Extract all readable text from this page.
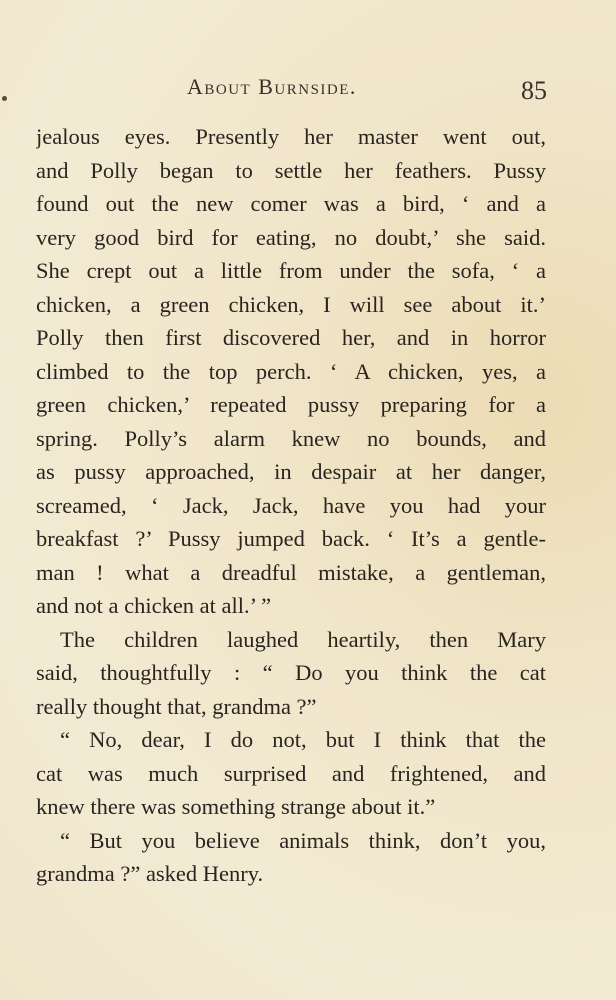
About Burnside.	85
jealous eyes. Presently her master went out,
and Polly began to settle her feathers. Pussy
found out the new comer was a bird, ‘ and a
very good bird for eating, no doubt,’ she said.
She crept out a little from under the sofa, ‘ a
chicken, a green chicken, I will see about it.’
Polly then first discovered her, and in horror
climbed to the top perch. ‘ A chicken, yes, a
green chicken,’ repeated pussy preparing for a
spring. Polly’s alarm knew no bounds, and
as pussy approached, in despair at her danger,
screamed, ‘ Jack, Jack, have you had your
breakfast ?’ Pussy jumped back. ‘ It’s a gentle-
man ! what a dreadful mistake, a gentleman,
and not a chicken at all.’ ”
The children laughed heartily, then Mary
said, thoughtfully : “ Do you think the cat
really thought that, grandma ?”
“ No, dear, I do not, but I think that the
cat was much surprised and frightened, and
knew there was something strange about it.”
“ But you believe animals think, don’t you,
grandma ?” asked Henry.
